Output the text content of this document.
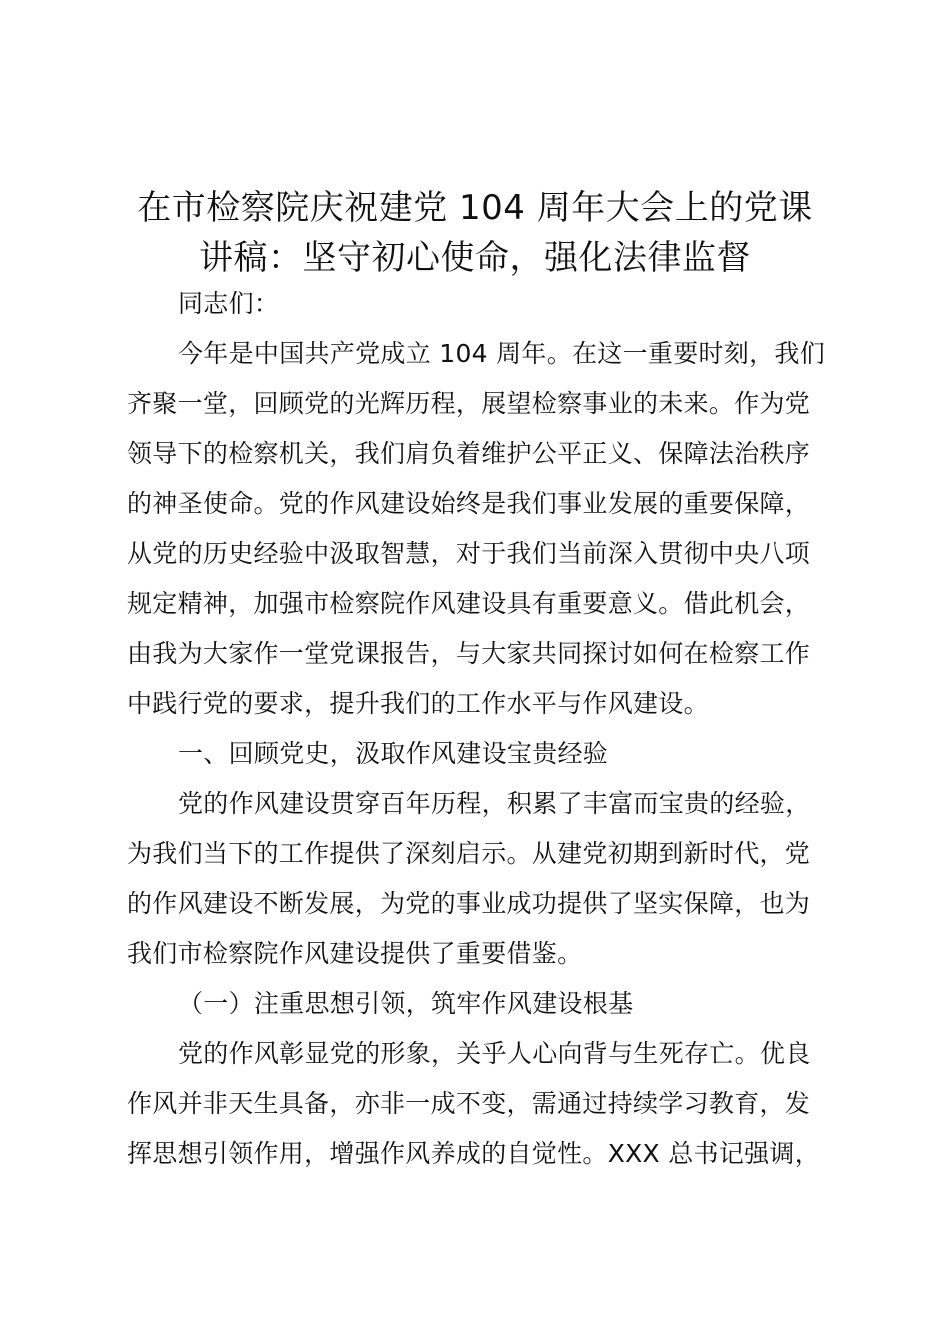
在市检察院庆祝建党 104 周年大会上的党课
讲稿：坚守初心使命，强化法律监督
同志们：
今年是中国共产党成立 104 周年。在这一重要时刻，我们
齐聚一堂，回顾党的光辉历程，展望检察事业的未来。作为党
领导下的检察机关，我们肩负着维护公平正义、保障法治秩序
的神圣使命。党的作风建设始终是我们事业发展的重要保障，
从党的历史经验中汲取智慧，对于我们当前深入贯彻中央八项
规定精神，加强市检察院作风建设具有重要意义。借此机会，
由我为大家作一堂党课报告，与大家共同探讨如何在检察工作
中践行党的要求，提升我们的工作水平与作风建设。
一、回顾党史，汲取作风建设宝贵经验
党的作风建设贯穿百年历程，积累了丰富而宝贵的经验，
为我们当下的工作提供了深刻启示。从建党初期到新时代，党
的作风建设不断发展，为党的事业成功提供了坚实保障，也为
我们市检察院作风建设提供了重要借鉴。
（一）注重思想引领，筑牢作风建设根基
党的作风彰显党的形象，关乎人心向背与生死存亡。优良
作风并非天生具备，亦非一成不变，需通过持续学习教育，发
挥思想引领作用，增强作风养成的自觉性。XXX 总书记强调，
